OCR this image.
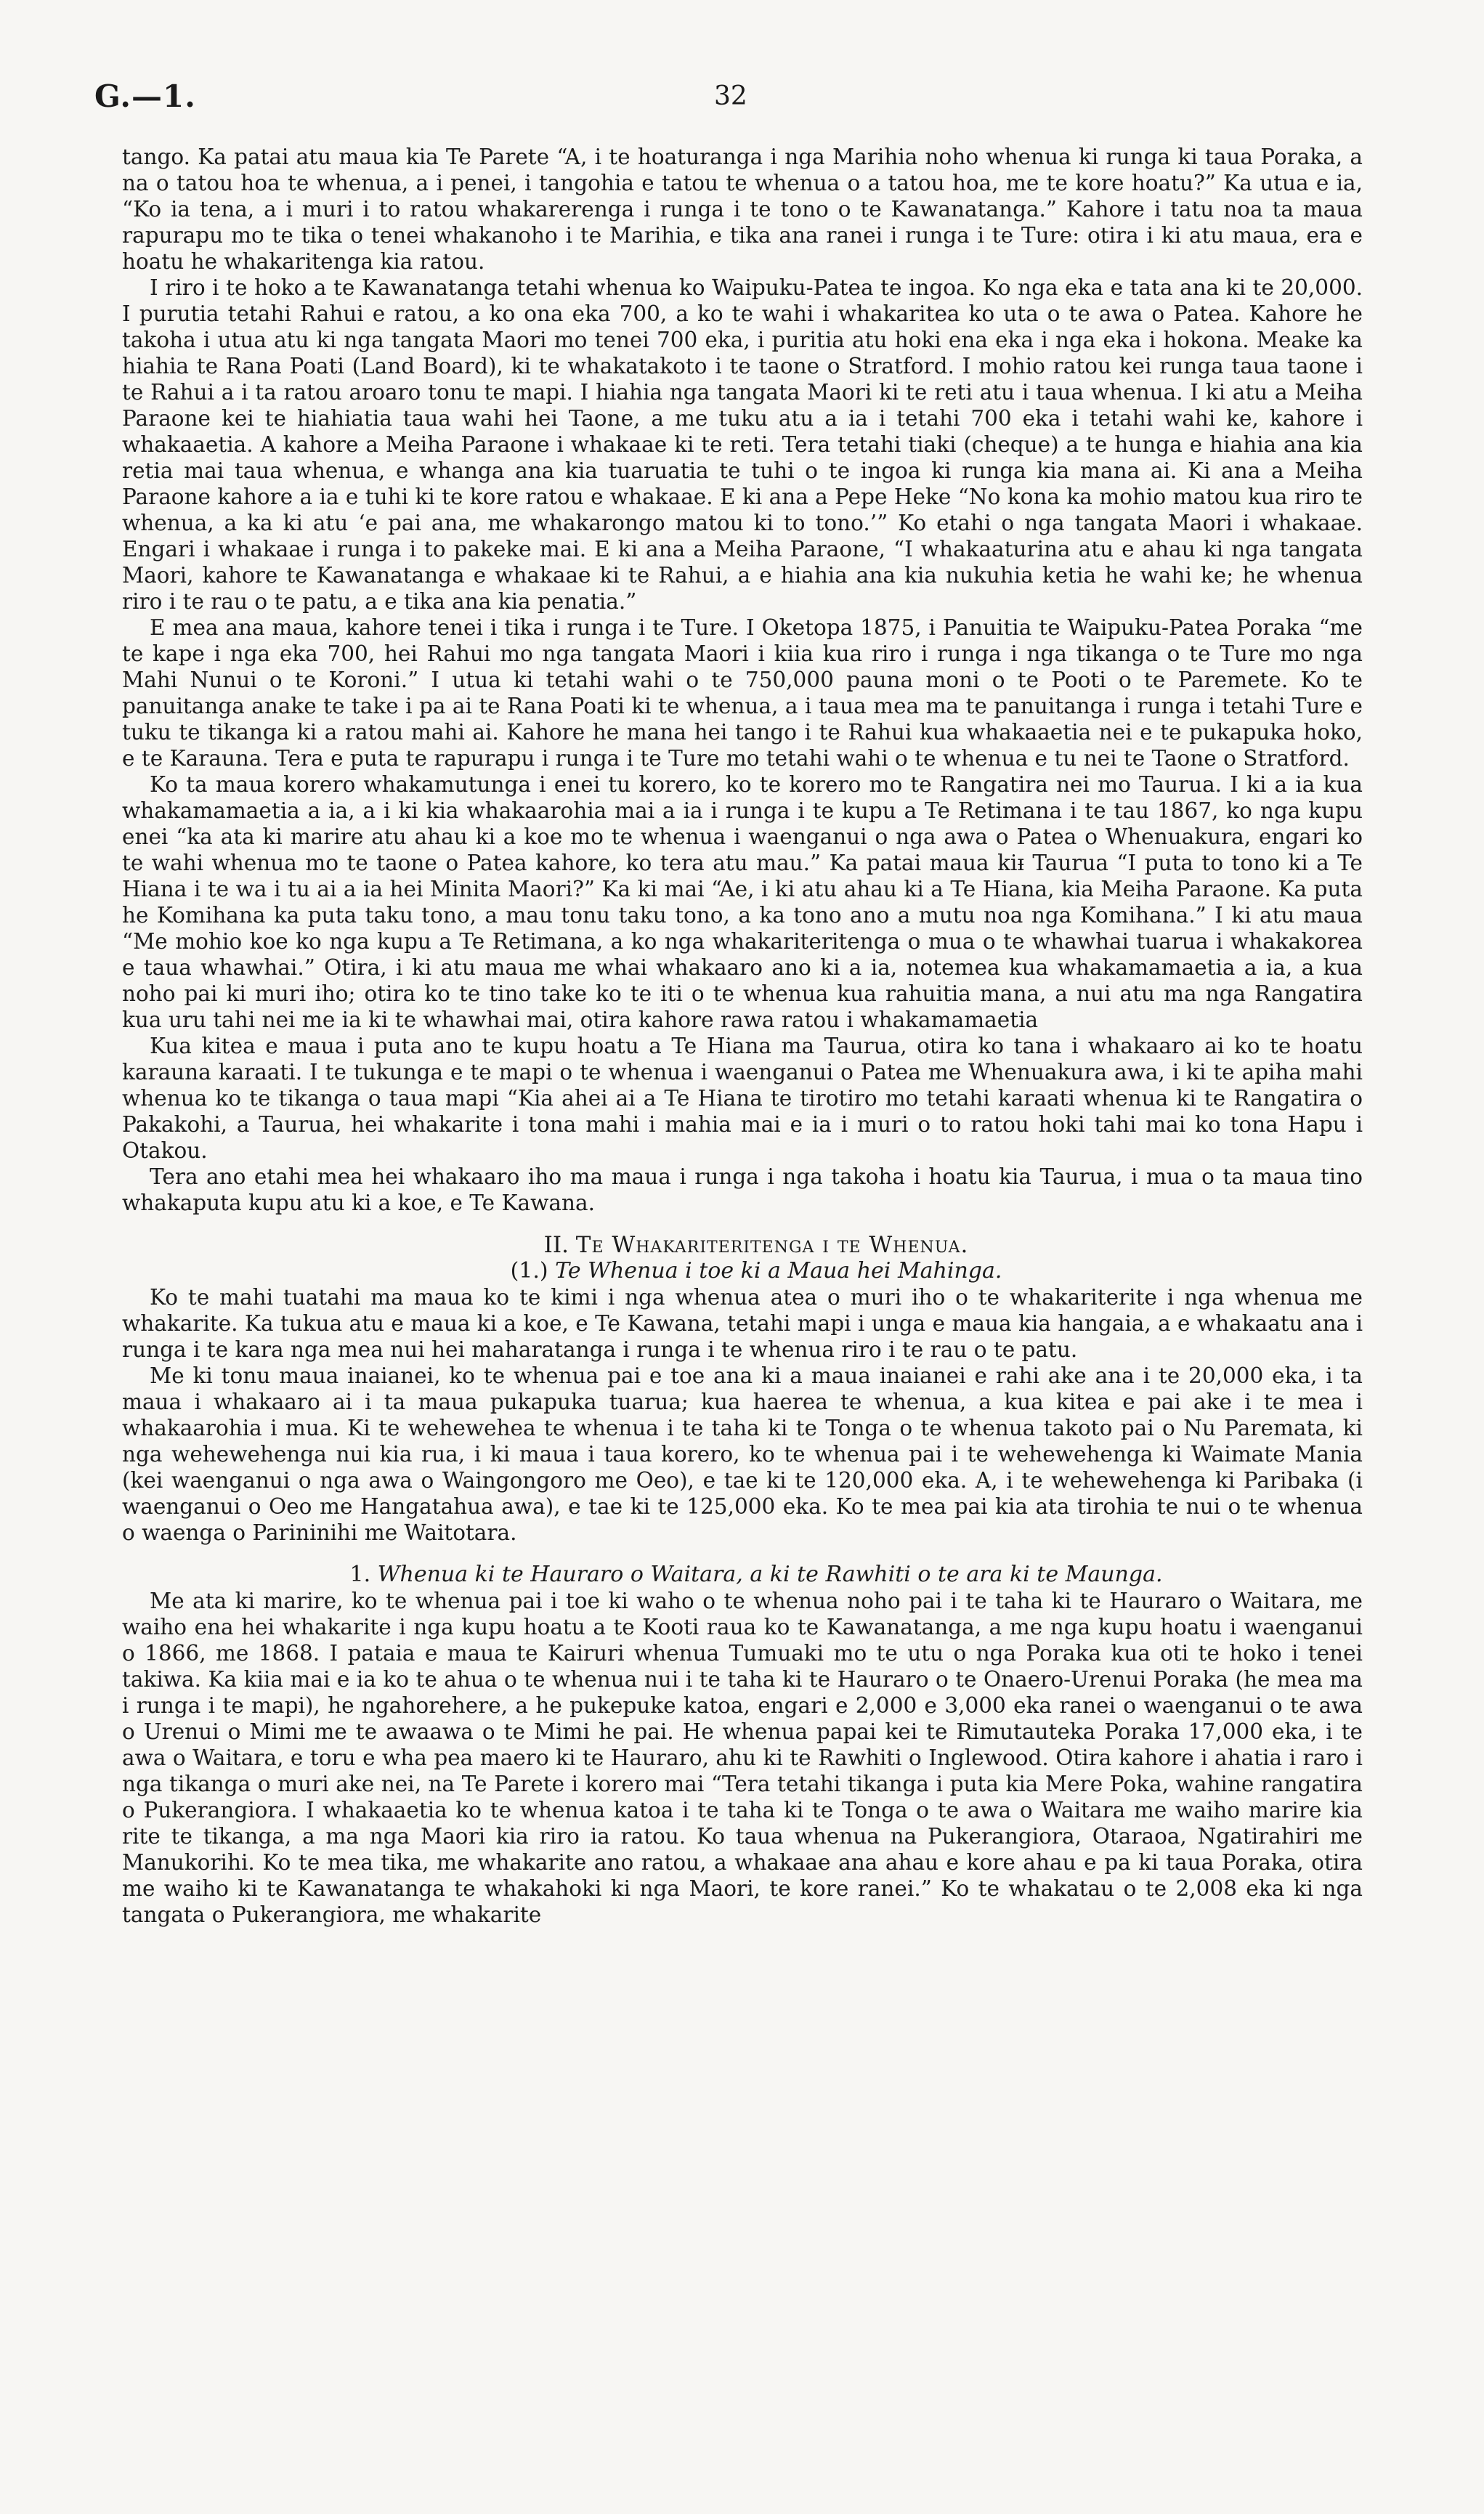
G.—1.	32

tango. Ka patai atu maua kia Te Parete “A, i te hoaturanga i nga Marihia noho whenua ki runga ki taua Poraka, a na o tatou hoa te whenua, a i penei, i tangohia e tatou te whenua o a tatou hoa, me te kore hoatu?” Ka utua e ia, “Ko ia tena, a i muri i to ratou whakarerenga i runga i te tono o te Kawanatanga.” Kahore i tatu noa ta maua rapurapu mo te tika o tenei whakanoho i te Marihia, e tika ana ranei i runga i te Ture: otira i ki atu maua, era e hoatu he whakaritenga kia ratou.

I riro i te hoko a te Kawanatanga tetahi whenua ko Waipuku-Patea te ingoa. Ko nga eka e tata ana ki te 20,000. I purutia tetahi Rahui e ratou, a ko ona eka 700, a ko te wahi i whakaritea ko uta o te awa o Patea. Kahore he takoha i utua atu ki nga tangata Maori mo tenei 700 eka, i puritia atu hoki ena eka i nga eka i hokona. Meake ka hiahia te Rana Poati (Land Board), ki te whakatakoto i te taone o Stratford. I mohio ratou kei runga taua taone i te Rahui a i ta ratou aroaro tonu te mapi. I hiahia nga tangata Maori ki te reti atu i taua whenua. I ki atu a Meiha Paraone kei te hiahiatia taua wahi hei Taone, a me tuku atu a ia i tetahi 700 eka i tetahi wahi ke, kahore i whakaaetia. A kahore a Meiha Paraone i whakaae ki te reti. Tera tetahi tiaki (cheque) a te hunga e hiahia ana kia retia mai taua whenua, e whanga ana kia tuaruatia te tuhi o te ingoa ki runga kia mana ai. Ki ana a Meiha Paraone kahore a ia e tuhi ki te kore ratou e whakaae. E ki ana a Pepe Heke “No kona ka mohio matou kua riro te whenua, a ka ki atu ‘e pai ana, me whakarongo matou ki to tono.’” Ko etahi o nga tangata Maori i whakaae. Engari i whakaae i runga i to pakeke mai. E ki ana a Meiha Paraone, “I whakaaturina atu e ahau ki nga tangata Maori, kahore te Kawanatanga e whakaae ki te Rahui, a e hiahia ana kia nukuhia ketia he wahi ke; he whenua riro i te rau o te patu, a e tika ana kia penatia.”

E mea ana maua, kahore tenei i tika i runga i te Ture. I Oketopa 1875, i Panuitia te Waipuku-Patea Poraka “me te kape i nga eka 700, hei Rahui mo nga tangata Maori i kiia kua riro i runga i nga tikanga o te Ture mo nga Mahi Nunui o te Koroni.” I utua ki tetahi wahi o te 750,000 pauna moni o te Pooti o te Paremete. Ko te panuitanga anake te take i pa ai te Rana Poati ki te whenua, a i taua mea ma te panuitanga i runga i tetahi Ture e tuku te tikanga ki a ratou mahi ai. Kahore he mana hei tango i te Rahui kua whakaaetia nei e te pukapuka hoko, e te Karauna. Tera e puta te rapurapu i runga i te Ture mo tetahi wahi o te whenua e tu nei te Taone o Stratford.

Ko ta maua korero whakamutunga i enei tu korero, ko te korero mo te Rangatira nei mo Taurua. I ki a ia kua whakamamaetia a ia, a i ki kia whakaarohia mai a ia i runga i te kupu a Te Retimana i te tau 1867, ko nga kupu enei “ka ata ki marire atu ahau ki a koe mo te whenua i waenganui o nga awa o Patea o Whenuakura, engari ko te wahi whenua mo te taone o Patea kahore, ko tera atu mau.” Ka patai maua kiᵻ Taurua “I puta to tono ki a Te Hiana i te wa i tu ai a ia hei Minita Maori?” Ka ki mai “Ae, i ki atu ahau ki a Te Hiana, kia Meiha Paraone. Ka puta he Komihana ka puta taku tono, a mau tonu taku tono, a ka tono ano a mutu noa nga Komihana.” I ki atu maua “Me mohio koe ko nga kupu a Te Retimana, a ko nga whakariteritenga o mua o te whawhai tuarua i whakakorea e taua whawhai.” Otira, i ki atu maua me whai whakaaro ano ki a ia, notemea kua whakamamaetia a ia, a kua noho pai ki muri iho; otira ko te tino take ko te iti o te whenua kua rahuitia mana, a nui atu ma nga Rangatira kua uru tahi nei me ia ki te whawhai mai, otira kahore rawa ratou i whakamamaetia

Kua kitea e maua i puta ano te kupu hoatu a Te Hiana ma Taurua, otira ko tana i whakaaro ai ko te hoatu karauna karaati. I te tukunga e te mapi o te whenua i waenganui o Patea me Whenuakura awa, i ki te apiha mahi whenua ko te tikanga o taua mapi “Kia ahei ai a Te Hiana te tirotiro mo tetahi karaati whenua ki te Rangatira o Pakakohi, a Taurua, hei whakarite i tona mahi i mahia mai e ia i muri o to ratou hoki tahi mai ko tona Hapu i Otakou.

Tera ano etahi mea hei whakaaro iho ma maua i runga i nga takoha i hoatu kia Taurua, i mua o ta maua tino whakaputa kupu atu ki a koe, e Te Kawana.

II. Te Whakariteritenga i te Whenua.

(1.) Te Whenua i toe ki a Maua hei Mahinga.

Ko te mahi tuatahi ma maua ko te kimi i nga whenua atea o muri iho o te whakariterite i nga whenua me whakarite. Ka tukua atu e maua ki a koe, e Te Kawana, tetahi mapi i unga e maua kia hangaia, a e whakaatu ana i runga i te kara nga mea nui hei maharatanga i runga i te whenua riro i te rau o te patu.

Me ki tonu maua inaianei, ko te whenua pai e toe ana ki a maua inaianei e rahi ake ana i te 20,000 eka, i ta maua i whakaaro ai i ta maua pukapuka tuarua; kua haerea te whenua, a kua kitea e pai ake i te mea i whakaarohia i mua. Ki te wehewehea te whenua i te taha ki te Tonga o te whenua takoto pai o Nu Paremata, ki nga wehewehenga nui kia rua, i ki maua i taua korero, ko te whenua pai i te wehewehenga ki Waimate Mania (kei waenganui o nga awa o Waingongoro me Oeo), e tae ki te 120,000 eka. A, i te wehewehenga ki Paribaka (i waenganui o Oeo me Hangatahua awa), e tae ki te 125,000 eka. Ko te mea pai kia ata tirohia te nui o te whenua o waenga o Parininihi me Waitotara.

1. Whenua ki te Hauraro o Waitara, a ki te Rawhiti o te ara ki te Maunga.

Me ata ki marire, ko te whenua pai i toe ki waho o te whenua noho pai i te taha ki te Hauraro o Waitara, me waiho ena hei whakarite i nga kupu hoatu a te Kooti raua ko te Kawanatanga, a me nga kupu hoatu i waenganui o 1866, me 1868. I pataia e maua te Kairuri whenua Tumuaki mo te utu o nga Poraka kua oti te hoko i tenei takiwa. Ka kiia mai e ia ko te ahua o te whenua nui i te taha ki te Hauraro o te Onaero-Urenui Poraka (he mea ma i runga i te mapi), he ngahorehere, a he pukepuke katoa, engari e 2,000 e 3,000 eka ranei o waenganui o te awa o Urenui o Mimi me te awaawa o te Mimi he pai. He whenua papai kei te Rimutauteka Poraka 17,000 eka, i te awa o Waitara, e toru e wha pea maero ki te Hauraro, ahu ki te Rawhiti o Inglewood. Otira kahore i ahatia i raro i nga tikanga o muri ake nei, na Te Parete i korero mai “Tera tetahi tikanga i puta kia Mere Poka, wahine rangatira o Pukerangiora. I whakaaetia ko te whenua katoa i te taha ki te Tonga o te awa o Waitara me waiho marire kia rite te tikanga, a ma nga Maori kia riro ia ratou. Ko taua whenua na Pukerangiora, Otaraoa, Ngatirahiri me Manukorihi. Ko te mea tika, me whakarite ano ratou, a whakaae ana ahau e kore ahau e pa ki taua Poraka, otira me waiho ki te Kawanatanga te whakahoki ki nga Maori, te kore ranei.” Ko te whakatau o te 2,008 eka ki nga tangata o Pukerangiora, me whakarite
